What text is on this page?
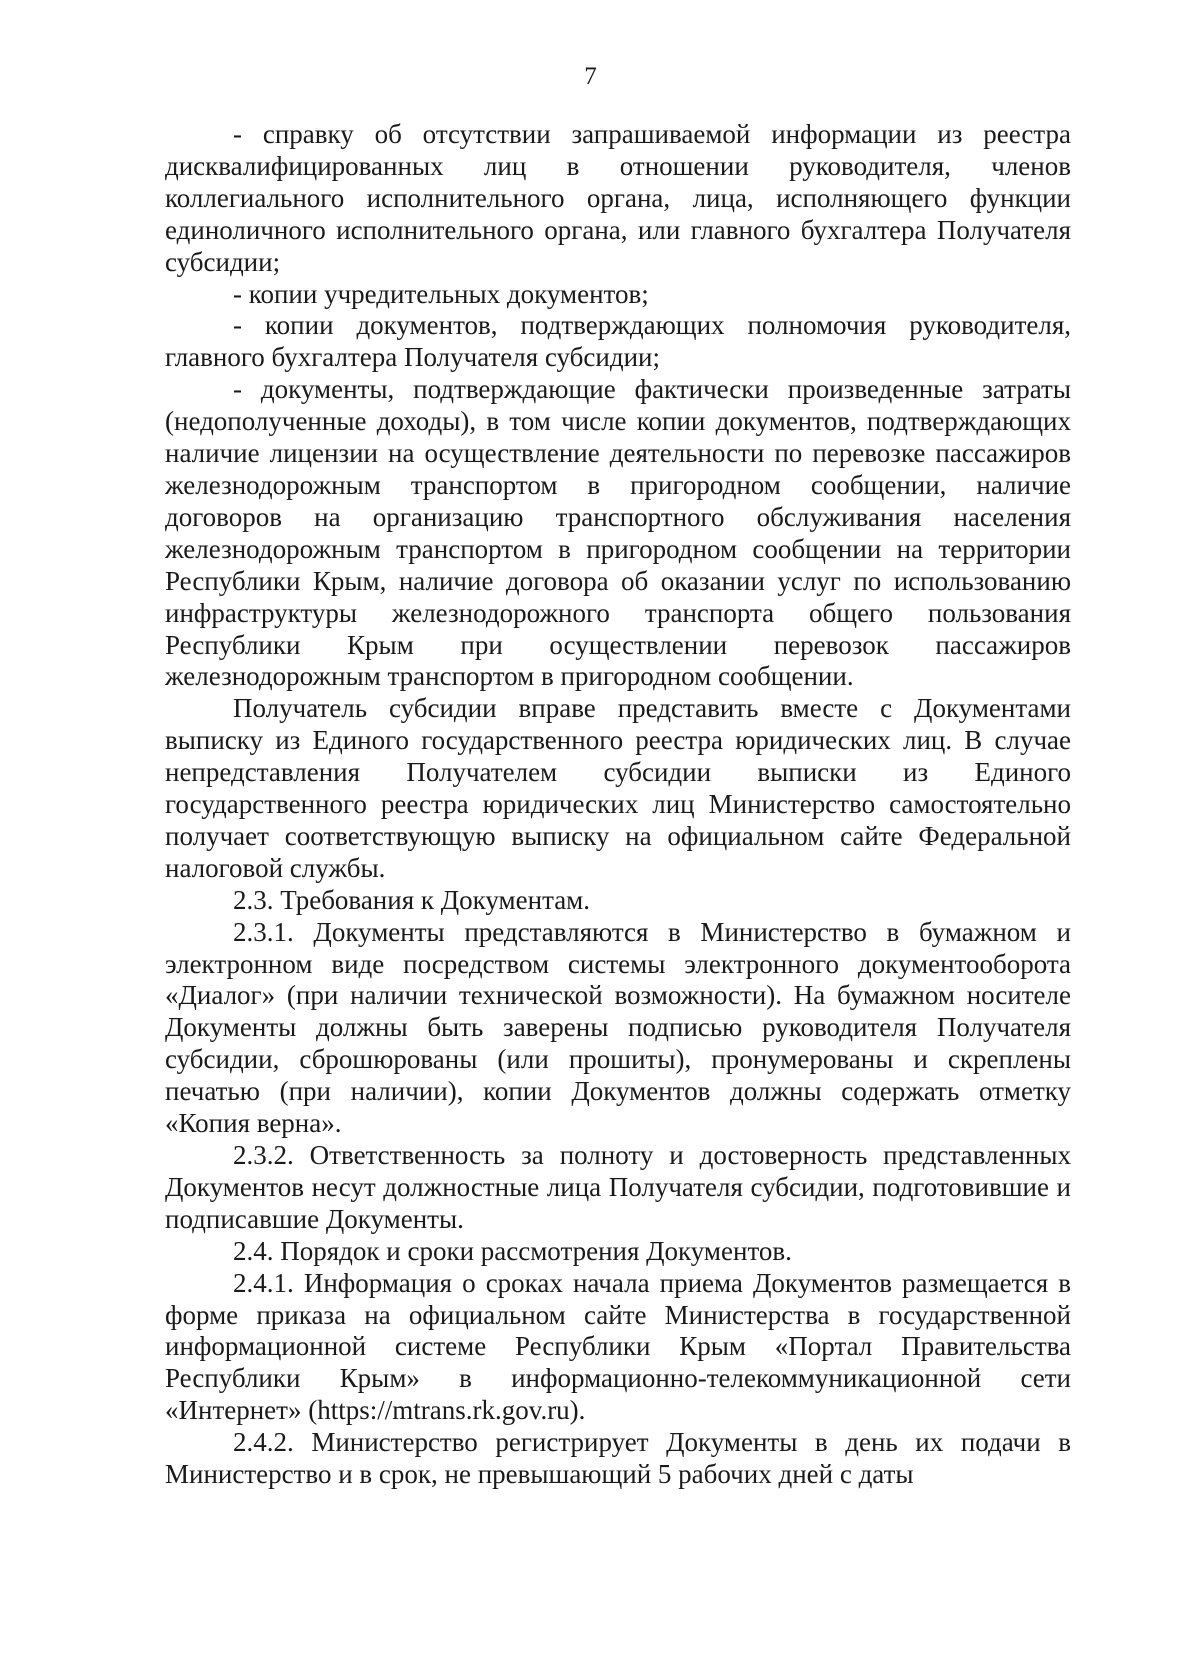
7

- справку об отсутствии запрашиваемой информации из реестра дисквалифицированных лиц в отношении руководителя, членов коллегиального исполнительного органа, лица, исполняющего функции единоличного исполнительного органа, или главного бухгалтера Получателя субсидии;

- копии учредительных документов;

- копии документов, подтверждающих полномочия руководителя, главного бухгалтера Получателя субсидии;

- документы, подтверждающие фактически произведенные затраты (недополученные доходы), в том числе копии документов, подтверждающих наличие лицензии на осуществление деятельности по перевозке пассажиров железнодорожным транспортом в пригородном сообщении, наличие договоров на организацию транспортного обслуживания населения железнодорожным транспортом в пригородном сообщении на территории Республики Крым, наличие договора об оказании услуг по использованию инфраструктуры железнодорожного транспорта общего пользования Республики Крым при осуществлении перевозок пассажиров железнодорожным транспортом в пригородном сообщении.

Получатель субсидии вправе представить вместе с Документами выписку из Единого государственного реестра юридических лиц. В случае непредставления Получателем субсидии выписки из Единого государственного реестра юридических лиц Министерство самостоятельно получает соответствующую выписку на официальном сайте Федеральной налоговой службы.

2.3. Требования к Документам.

2.3.1. Документы представляются в Министерство в бумажном и электронном виде посредством системы электронного документооборота «Диалог» (при наличии технической возможности). На бумажном носителе Документы должны быть заверены подписью руководителя Получателя субсидии, сброшюрованы (или прошиты), пронумерованы и скреплены печатью (при наличии), копии Документов должны содержать отметку «Копия верна».

2.3.2. Ответственность за полноту и достоверность представленных Документов несут должностные лица Получателя субсидии, подготовившие и подписавшие Документы.

2.4. Порядок и сроки рассмотрения Документов.

2.4.1. Информация о сроках начала приема Документов размещается в форме приказа на официальном сайте Министерства в государственной информационной системе Республики Крым «Портал Правительства Республики Крым» в информационно-телекоммуникационной сети «Интернет» (https://mtrans.rk.gov.ru).

2.4.2. Министерство регистрирует Документы в день их подачи в Министерство и в срок, не превышающий 5 рабочих дней с даты
